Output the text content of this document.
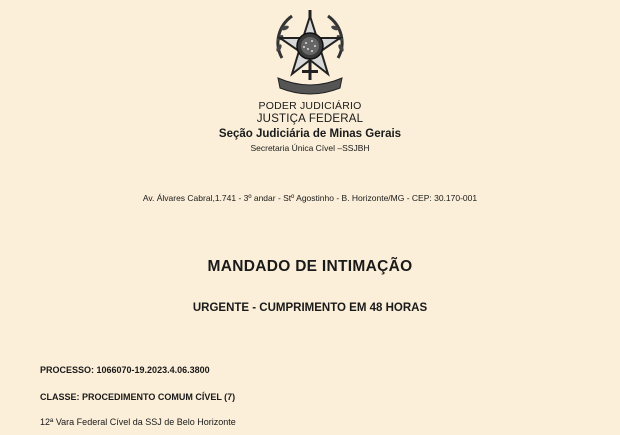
PODER JUDICIÁRIO
JUSTIÇA FEDERAL
Seção Judiciária de Minas Gerais
Secretaria Única Cível –SSJBH
Av. Álvares Cabral,1.741 - 3º andar - Stº Agostinho - B. Horizonte/MG - CEP: 30.170-001
MANDADO DE INTIMAÇÃO
URGENTE - CUMPRIMENTO EM 48 HORAS
PROCESSO: 1066070-19.2023.4.06.3800
CLASSE: PROCEDIMENTO COMUM CÍVEL (7)
12ª Vara Federal Cível da SSJ de Belo Horizonte
